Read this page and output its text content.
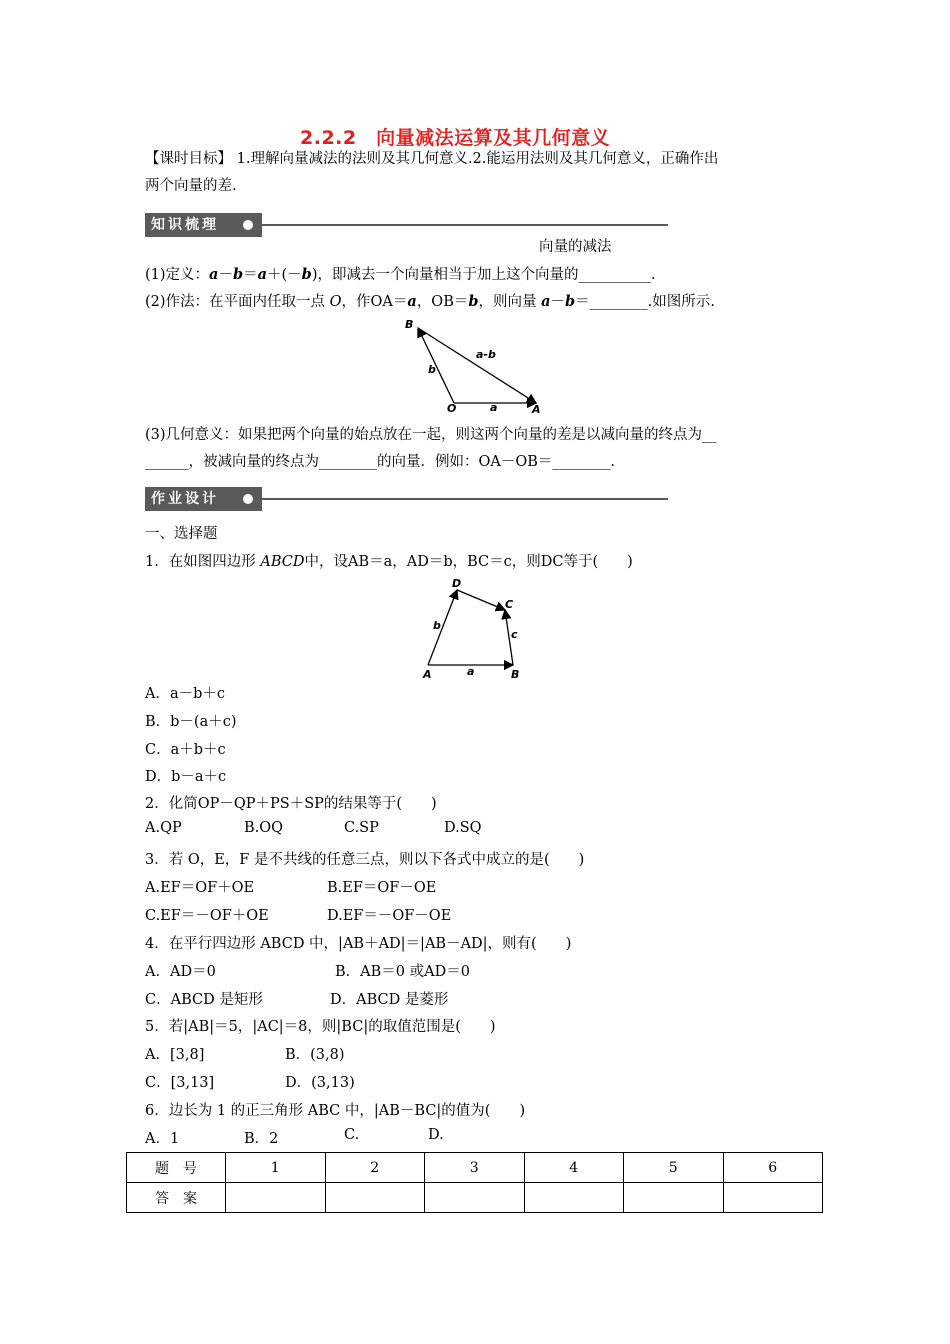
2.2.2　向量减法运算及其几何意义
【课时目标】 1.理解向量减法的法则及其几何意义.2.能运用法则及其几何意义，正确作出
两个向量的差.
知识梳理
向量的减法
(1)定义：a－b＝a＋(－b)，即减去一个向量相当于加上这个向量的__________.
(2)作法：在平面内任取一点 O，作OA＝a，OB＝b，则向量 a－b＝________.如图所示.
B
O	A
a
b
a-b
(3)几何意义：如果把两个向量的始点放在一起，则这两个向量的差是以减向量的终点为__
______，被减向量的终点为________的向量．例如：OA－OB＝________.
作业设计
一、选择题
1．在如图四边形 ABCD中，设AB＝a，AD＝b，BC＝c，则DC等于(　　)
A	B
C
D
a
b
c
A．a－b＋c
B．b－(a＋c)
C．a＋b＋c
D．b－a＋c
2．化简OP－QP＋PS＋SP的结果等于(　　)
A.QP	B.OQ	C.SP	D.SQ
3．若 O，E，F 是不共线的任意三点，则以下各式中成立的是(　　)
A.EF＝OF＋OE	B.EF＝OF－OE
C.EF＝－OF＋OE	D.EF＝－OF－OE
4．在平行四边形 ABCD 中，|AB＋AD|＝|AB－AD|，则有(　　)
A．AD＝0	B．AB＝0 或AD＝0
C．ABCD 是矩形	D．ABCD 是菱形
5．若|AB|＝5，|AC|＝8，则|BC|的取值范围是(　　)
A．[3,8]	B．(3,8)
C．[3,13]	D．(3,13)
6．边长为 1 的正三角形 ABC 中，|AB－BC|的值为(　　)
A．1	B．2	C.	D.
题　号	1	2	3	4	5	6
答　案						
